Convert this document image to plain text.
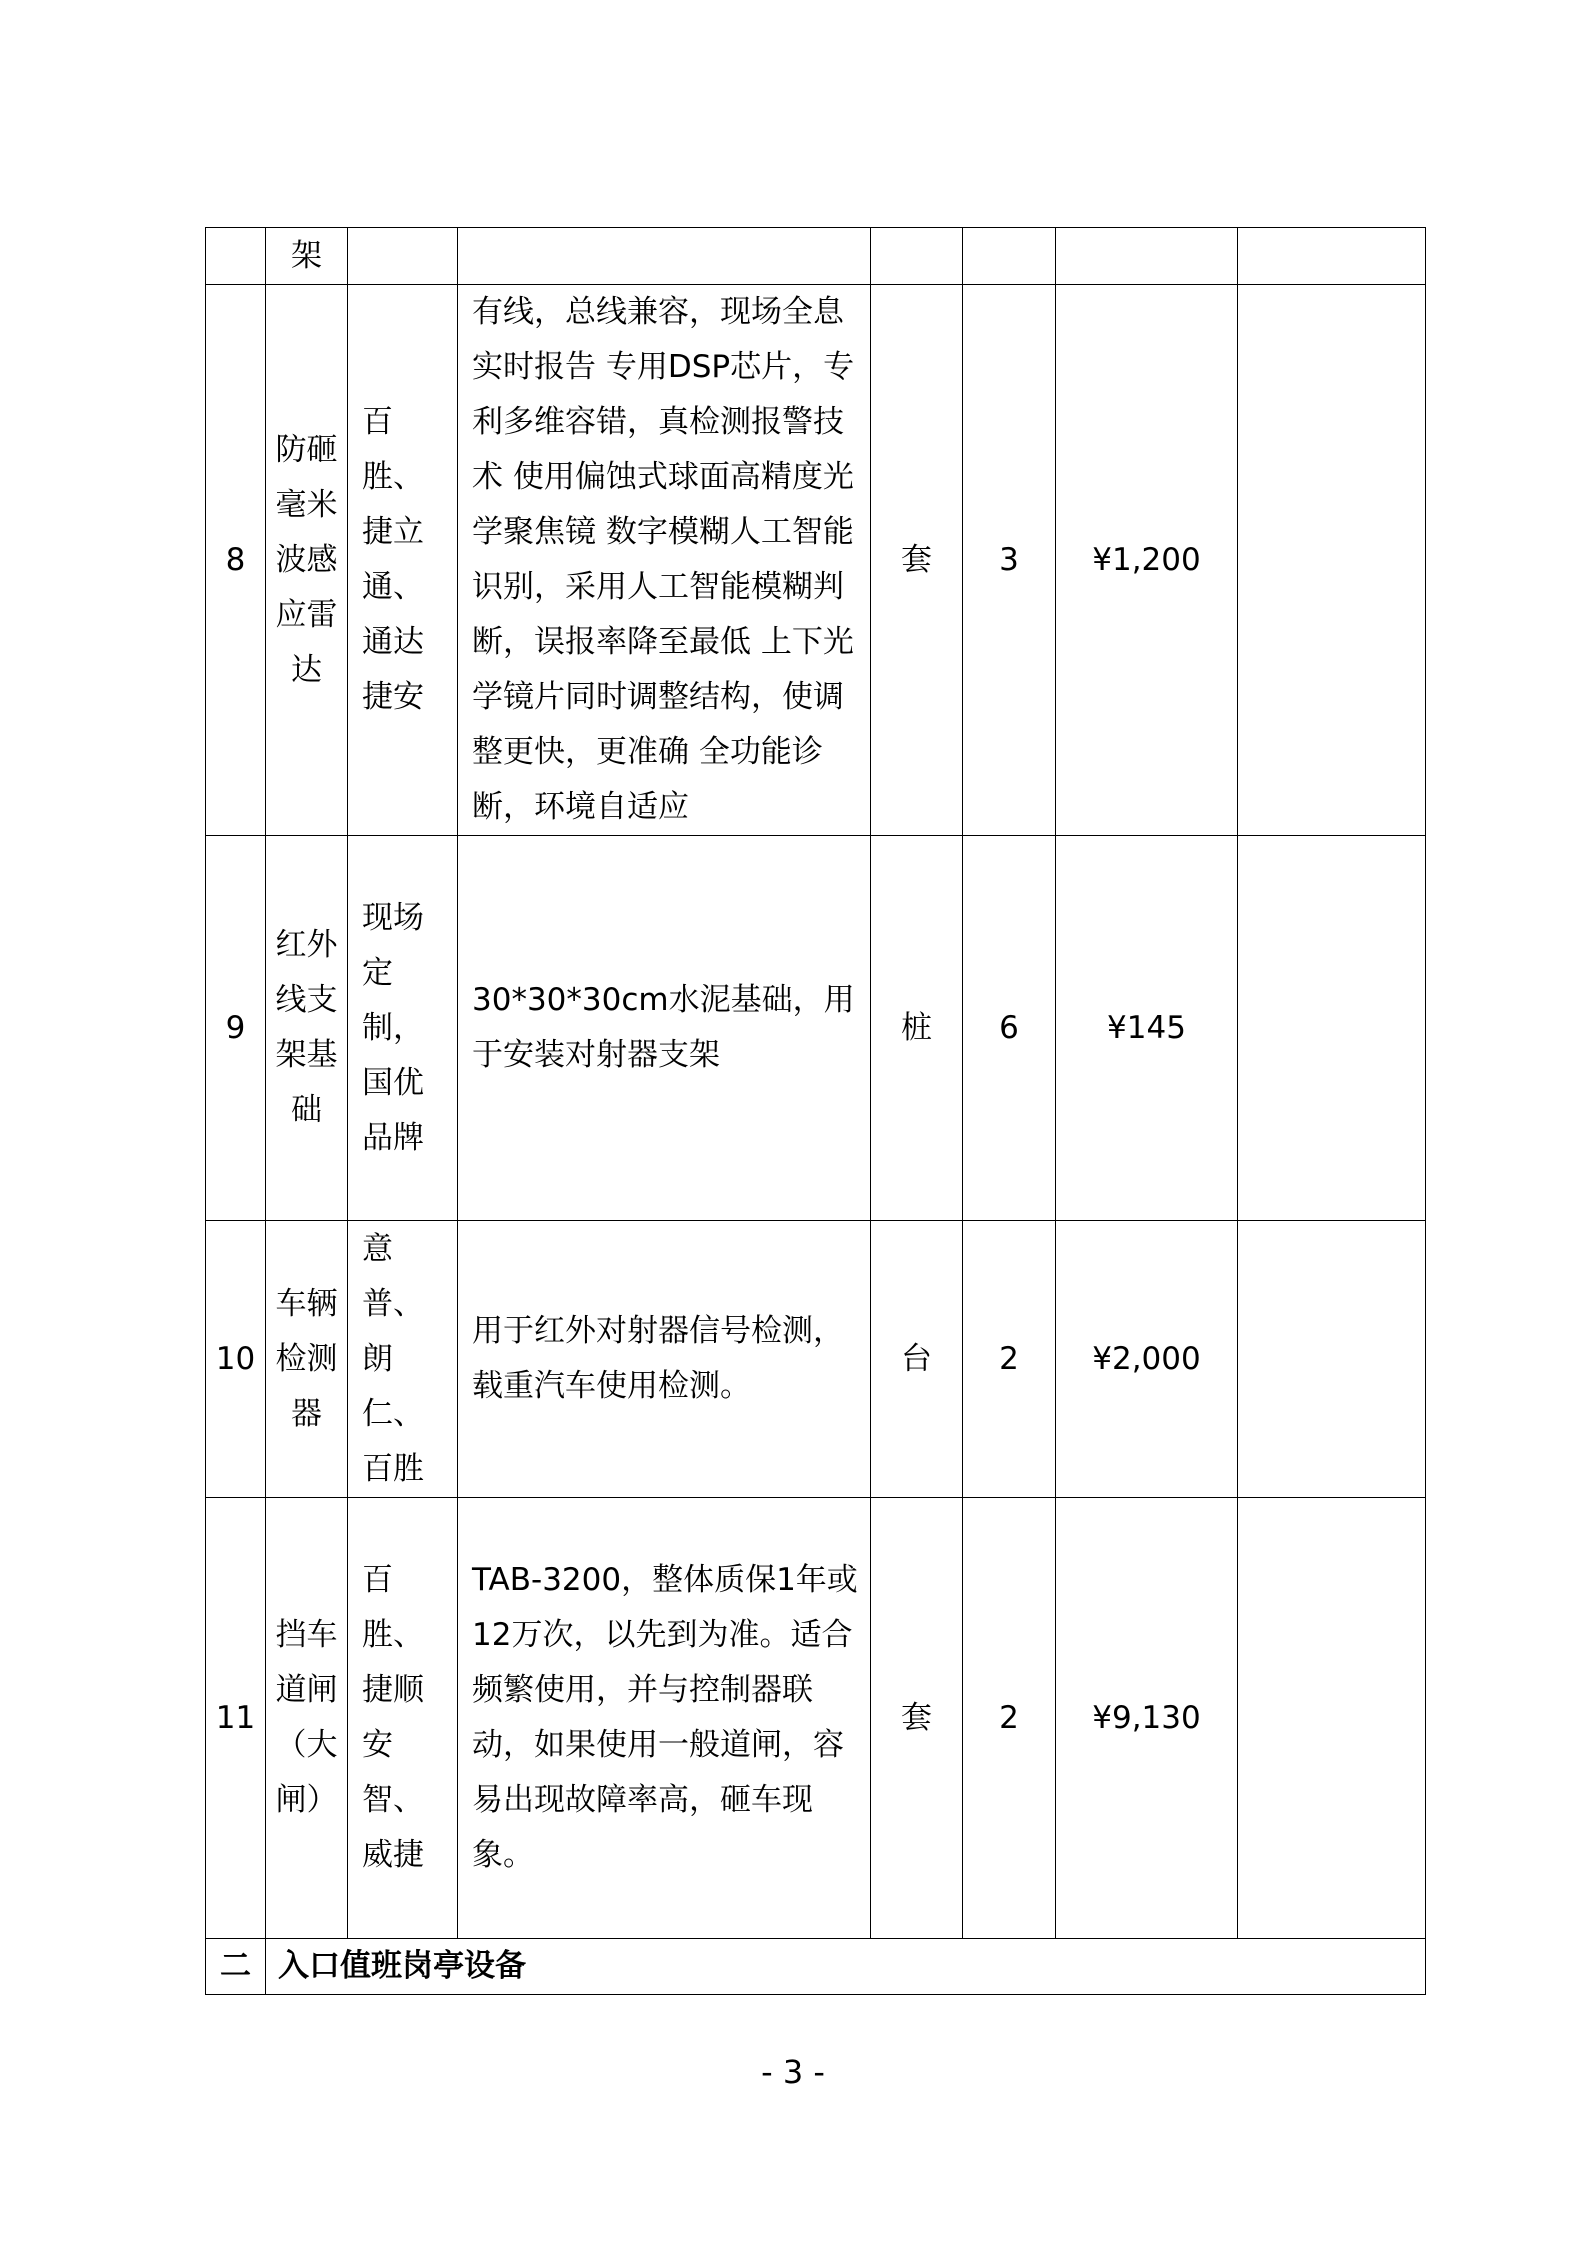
	架						
8	防砸毫米波感应雷达	百胜、捷立通、通达捷安	有线，总线兼容，现场全息实时报告 专用DSP芯片，专利多维容错，真检测报警技术 使用偏蚀式球面高精度光学聚焦镜 数字模糊人工智能识别，采用人工智能模糊判断，误报率降至最低 上下光学镜片同时调整结构，使调整更快，更准确 全功能诊断，环境自适应	套	3	¥1,200	
9	红外线支架基础	现场定制，国优品牌	30*30*30cm水泥基础，用于安装对射器支架	桩	6	¥145	
10	车辆检测器	意普、朗仁、百胜	用于红外对射器信号检测，载重汽车使用检测。	台	2	¥2,000	
11	挡车道闸（大闸）	百胜、捷顺安智、威捷	TAB-3200，整体质保1年或12万次，以先到为准。适合频繁使用，并与控制器联动，如果使用一般道闸，容易出现故障率高，砸车现象。	套	2	¥9,130	
二	入口值班岗亭设备						
- 3 -
